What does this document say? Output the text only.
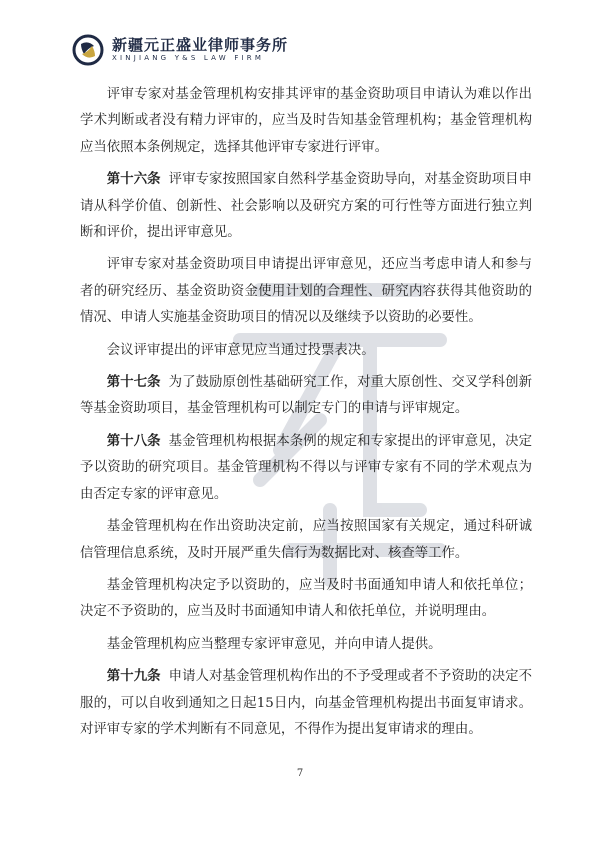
新疆元正盛业律师事务所
XINJIANG Y&S LAW FIRM

评审专家对基金管理机构安排其评审的基金资助项目申请认为难以作出学术判断或者没有精力评审的，应当及时告知基金管理机构；基金管理机构应当依照本条例规定，选择其他评审专家进行评审。

第十六条 评审专家按照国家自然科学基金资助导向，对基金资助项目申请从科学价值、创新性、社会影响以及研究方案的可行性等方面进行独立判断和评价，提出评审意见。

评审专家对基金资助项目申请提出评审意见，还应当考虑申请人和参与者的研究经历、基金资助资金使用计划的合理性、研究内容获得其他资助的情况、申请人实施基金资助项目的情况以及继续予以资助的必要性。

会议评审提出的评审意见应当通过投票表决。

第十七条 为了鼓励原创性基础研究工作，对重大原创性、交叉学科创新等基金资助项目，基金管理机构可以制定专门的申请与评审规定。

第十八条 基金管理机构根据本条例的规定和专家提出的评审意见，决定予以资助的研究项目。基金管理机构不得以与评审专家有不同的学术观点为由否定专家的评审意见。

基金管理机构在作出资助决定前，应当按照国家有关规定，通过科研诚信管理信息系统，及时开展严重失信行为数据比对、核查等工作。

基金管理机构决定予以资助的，应当及时书面通知申请人和依托单位；决定不予资助的，应当及时书面通知申请人和依托单位，并说明理由。

基金管理机构应当整理专家评审意见，并向申请人提供。

第十九条 申请人对基金管理机构作出的不予受理或者不予资助的决定不服的，可以自收到通知之日起15日内，向基金管理机构提出书面复审请求。对评审专家的学术判断有不同意见，不得作为提出复审请求的理由。

7
